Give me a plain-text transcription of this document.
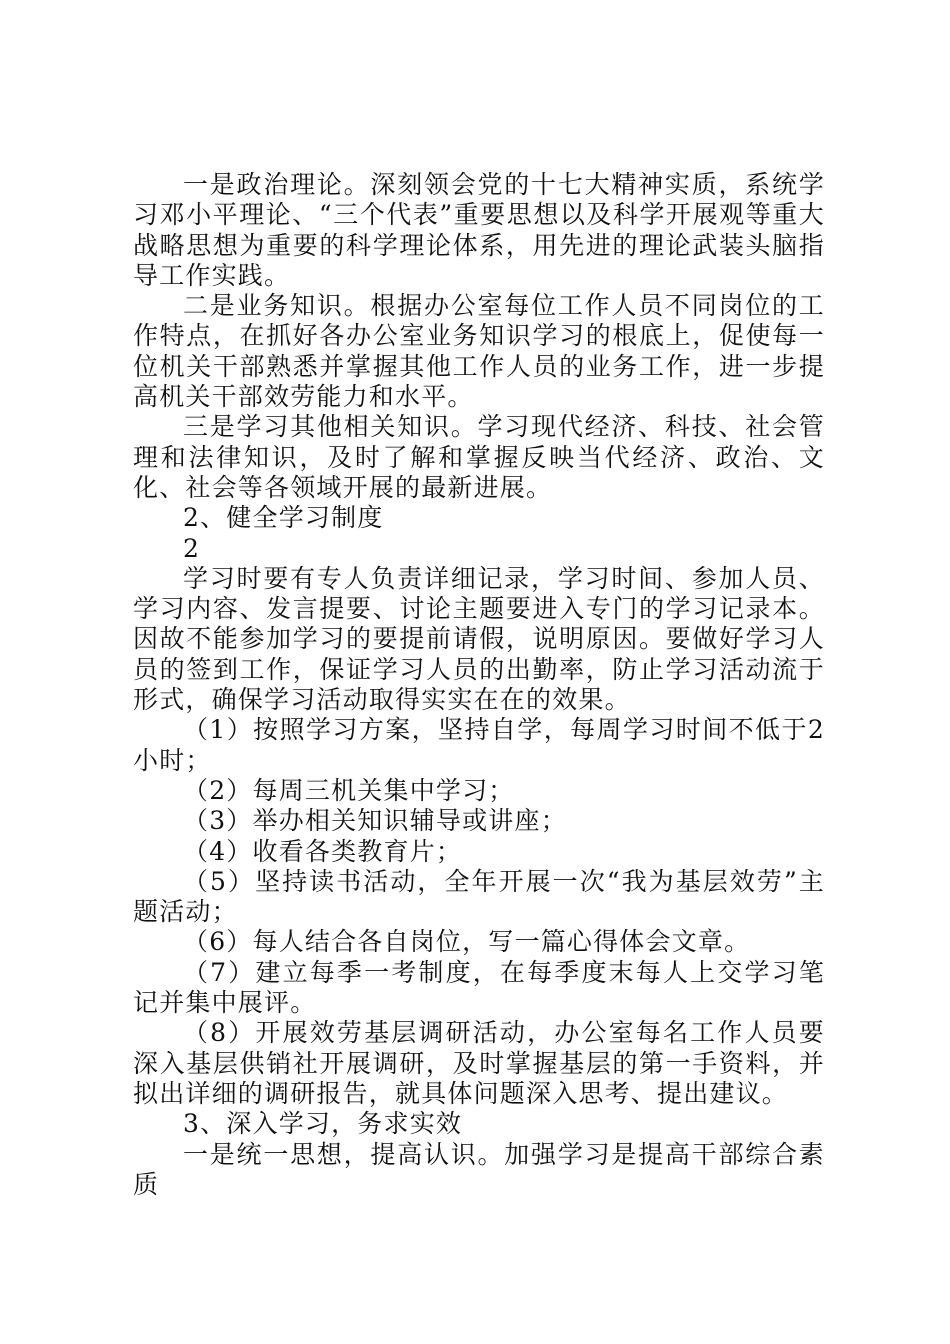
一是政治理论。深刻领会党的十七大精神实质，系统学习邓小平理论、“三个代表”重要思想以及科学开展观等重大战略思想为重要的科学理论体系，用先进的理论武装头脑指导工作实践。

二是业务知识。根据办公室每位工作人员不同岗位的工作特点，在抓好各办公室业务知识学习的根底上，促使每一位机关干部熟悉并掌握其他工作人员的业务工作，进一步提高机关干部效劳能力和水平。

三是学习其他相关知识。学习现代经济、科技、社会管理和法律知识，及时了解和掌握反映当代经济、政治、文化、社会等各领域开展的最新进展。

2、健全学习制度

2

学习时要有专人负责详细记录，学习时间、参加人员、学习内容、发言提要、讨论主题要进入专门的学习记录本。因故不能参加学习的要提前请假，说明原因。要做好学习人员的签到工作，保证学习人员的出勤率，防止学习活动流于形式，确保学习活动取得实实在在的效果。

（1）按照学习方案，坚持自学，每周学习时间不低于2小时；

（2）每周三机关集中学习；

（3）举办相关知识辅导或讲座；

（4）收看各类教育片；

（5）坚持读书活动，全年开展一次“我为基层效劳”主题活动；

（6）每人结合各自岗位，写一篇心得体会文章。

（7）建立每季一考制度，在每季度末每人上交学习笔记并集中展评。

（8）开展效劳基层调研活动，办公室每名工作人员要深入基层供销社开展调研，及时掌握基层的第一手资料，并拟出详细的调研报告，就具体问题深入思考、提出建议。

3、深入学习，务求实效

一是统一思想，提高认识。加强学习是提高干部综合素质
